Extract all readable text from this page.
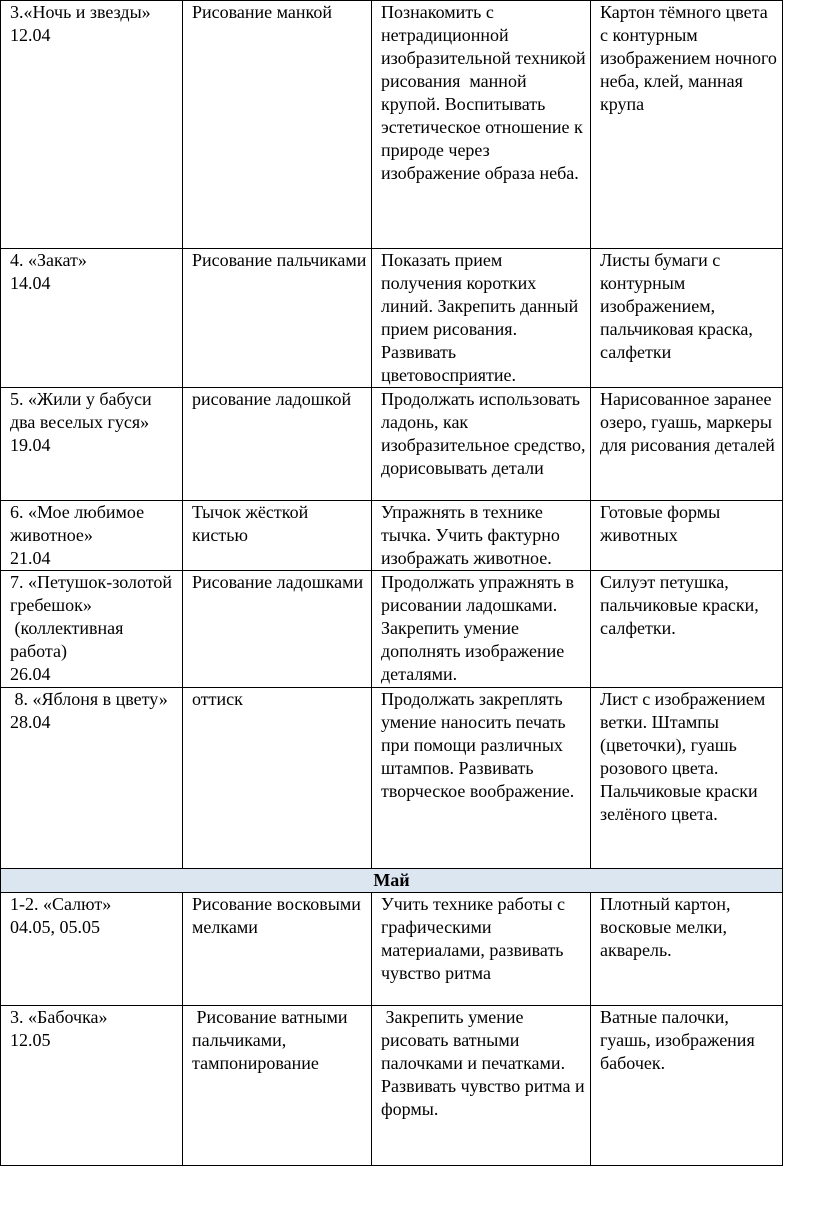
3.«Ночь и звезды»
12.04	Рисование манкой	Познакомить с нетрадиционной изобразительной техникой рисования  манной крупой. Воспитывать эстетическое отношение к природе через изображение образа неба.	Картон тёмного цвета с контурным изображением ночного неба, клей, манная крупа
4. «Закат»
14.04	Рисование пальчиками	Показать прием получения коротких линий. Закрепить данный прием рисования. Развивать цветовосприятие.	Листы бумаги с контурным изображением, пальчиковая краска, салфетки
5. «Жили у бабуси два веселых гуся»
19.04	рисование ладошкой	Продолжать использовать ладонь, как изобразительное средство, дорисовывать детали	Нарисованное заранее озеро, гуашь, маркеры для рисования деталей
6. «Мое любимое животное»
21.04	Тычок жёсткой кистью	Упражнять в технике тычка. Учить фактурно изображать животное.	Готовые формы животных
7. «Петушок-золотой гребешок»
(коллективная работа)
26.04	Рисование ладошками	Продолжать упражнять в рисовании ладошками.  Закрепить умение дополнять изображение деталями.	Силуэт петушка, пальчиковые краски, салфетки.
8. «Яблоня в цвету»
28.04	оттиск	Продолжать закреплять умение наносить печать при помощи различных штампов. Развивать творческое воображение.	Лист с изображением ветки. Штампы (цветочки), гуашь розового цвета. Пальчиковые краски зелёного цвета.
Май			
1-2. «Салют»
04.05, 05.05	Рисование восковыми мелками	Учить технике работы с графическими материалами, развивать  чувство ритма	Плотный картон, восковые мелки, акварель.
3. «Бабочка»
12.05	Рисование ватными пальчиками, тампонирование	Закрепить умение рисовать ватными палочками и печатками. Развивать чувство ритма и формы.	Ватные палочки, гуашь, изображения бабочек.
